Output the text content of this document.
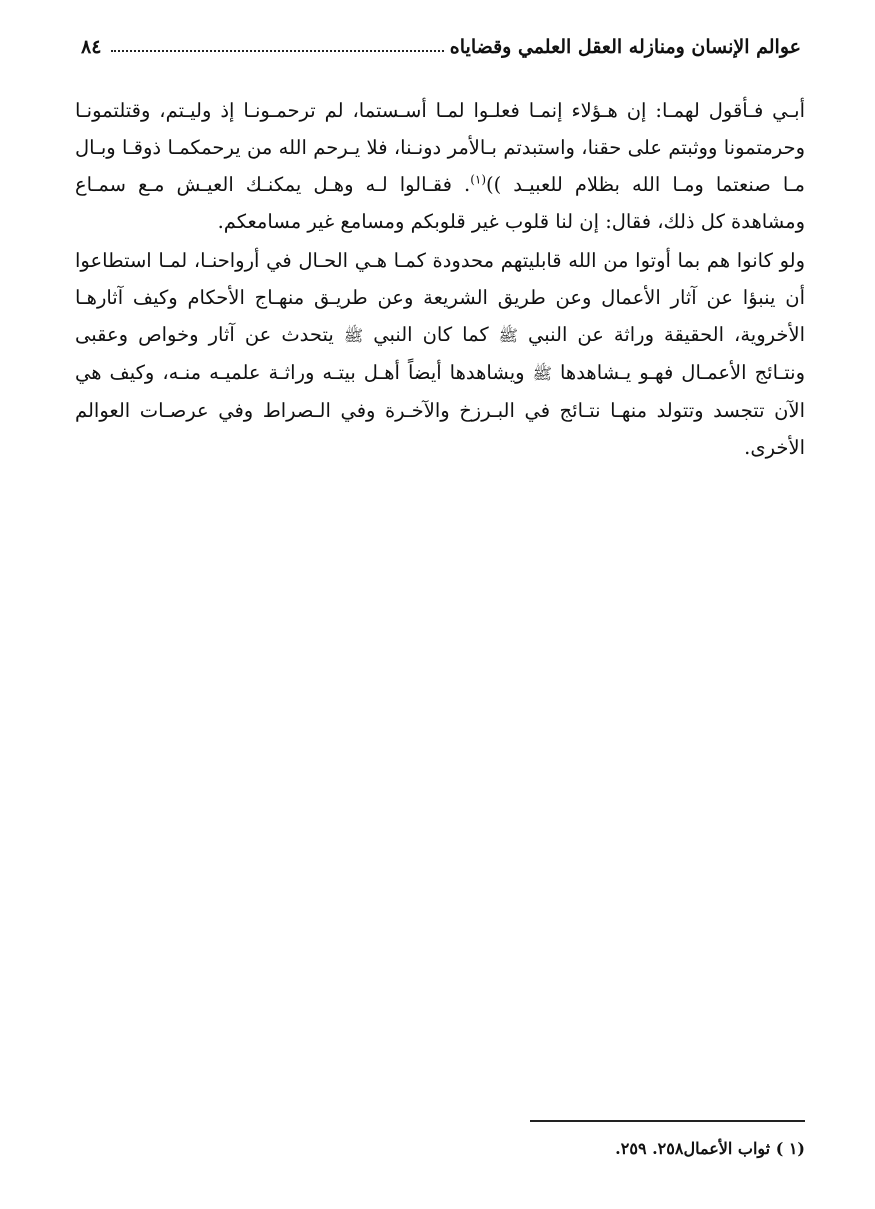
عوالم الإنسان ومنازله العقل العلمي وقضاياه
٨٤

أبـي فـأقول لهمـا: إن هـؤلاء إنمـا فعلـوا لمـا أسـستما، لم ترحمـونـا إذ وليـتم، وقتلتمونـا وحرمتمونا ووثبتم على حقنا، واستبدتم بـالأمر دونـنا، فلا يـرحم الله من يرحمكمـا ذوقـا وبـال مـا صنعتما ومـا الله بظلام للعبيـد ))$^{(١)}$. فقـالوا لـه وهـل يمكنـك العيـش مـع سمـاع ومشاهدة كل ذلك، فقال: إن لنا قلوب غير قلوبكم ومسامع غير مسامعكم.

ولو كانوا هم بما أوتوا من الله قابليتهم محدودة كمـا هـي الحـال في أرواحنـا، لمـا استطاعوا أن ينبؤا عن آثار الأعمال وعن طريق الشريعة وعن طريـق منهـاج الأحكام وكيف آثارهـا الأخروية، الحقيقة وراثة عن النبي ﷺ كما كان النبي ﷺ يتحدث عن آثار وخواص وعقبى ونتـائج الأعمـال فهـو يـشاهدها ﷺ ويشاهدها أيضاً أهـل بيتـه وراثـة علميـه منـه، وكيف هي الآن تتجسد وتتولد منهـا نتـائج في البـرزخ والآخـرة وفي الـصراط وفي عرصـات العوالم الأخرى.

(١ ) ثواب الأعمال٢٥٨. ٢٥٩.
